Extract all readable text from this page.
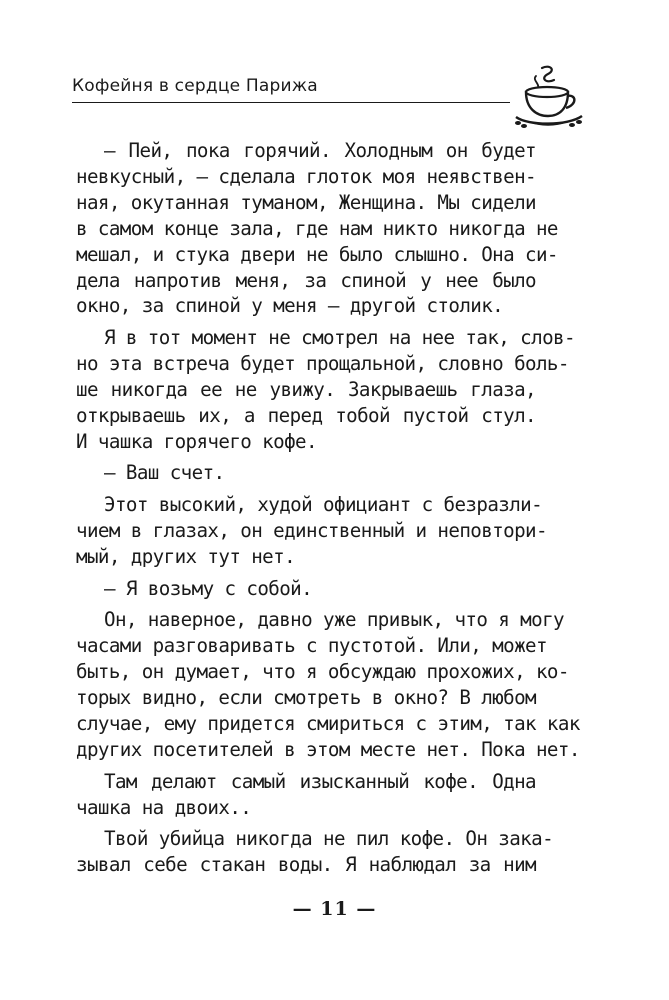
Кофейня в сердце Парижа
— Пей, пока горячий. Холодным он будет
невкусный, — сделала глоток моя неявствен-
ная, окутанная туманом, Женщина. Мы сидели
в самом конце зала, где нам никто никогда не
мешал, и стука двери не было слышно. Она си-
дела напротив меня, за спиной у нее было
окно, за спиной у меня — другой столик.
Я в тот момент не смотрел на нее так, слов-
но эта встреча будет прощальной, словно боль-
ше никогда ее не увижу. Закрываешь глаза,
открываешь их, а перед тобой пустой стул.
И чашка горячего кофе.
— Ваш счет.
Этот высокий, худой официант с безразли-
чием в глазах, он единственный и неповтори-
мый, других тут нет.
— Я возьму с собой.
Он, наверное, давно уже привык, что я могу
часами разговаривать с пустотой. Или, может
быть, он думает, что я обсуждаю прохожих, ко-
торых видно, если смотреть в окно? В любом
случае, ему придется смириться с этим, так как
других посетителей в этом месте нет. Пока нет.
Там делают самый изысканный кофе. Одна
чашка на двоих..
Твой убийца никогда не пил кофе. Он зака-
зывал себе стакан воды. Я наблюдал за ним
— 11 —
